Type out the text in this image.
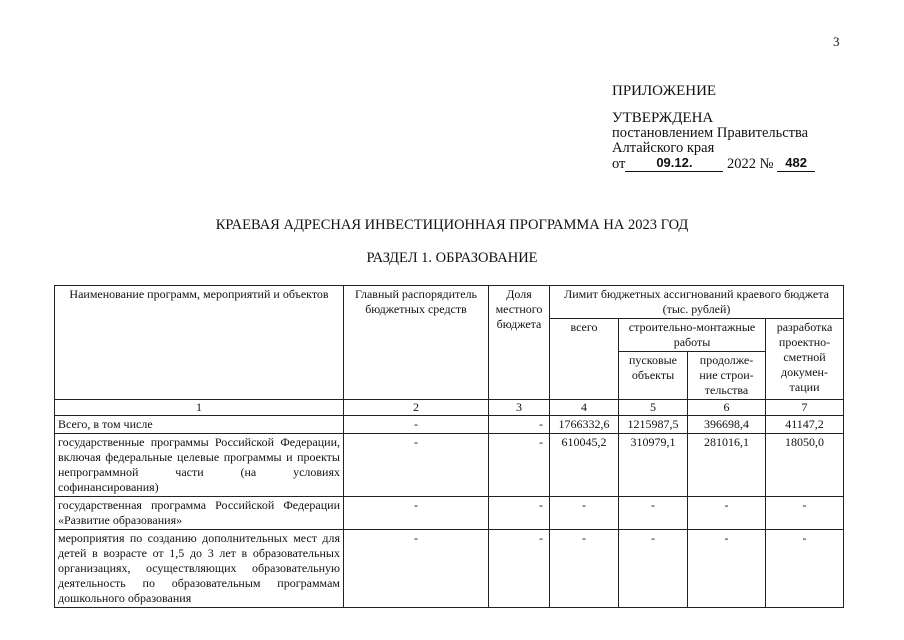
3
ПРИЛОЖЕНИЕ
УТВЕРЖДЕНА
постановлением Правительства
Алтайского края
от 09.12. 2022 № 482
КРАЕВАЯ АДРЕСНАЯ ИНВЕСТИЦИОННАЯ ПРОГРАММА НА 2023 ГОД
РАЗДЕЛ 1. ОБРАЗОВАНИЕ
Наименование программ, мероприятий и объектов	Главный распорядитель бюджетных средств	Доля местного бюджета	Лимит бюджетных ассигнований краевого бюджета (тыс. рублей)			
			всего	строительно-монтажные работы		разработка проектно-сметной докумен-тации
				пусковые объекты	продолже-ние строи-тельства	
1	2	3	4	5	6	7
Всего, в том числе	-	-	1766332,6	1215987,5	396698,4	41147,2
государственные программы Российской Федерации, включая федеральные целевые программы и проекты непрограммной части (на условиях софинансирования)	-	-	610045,2	310979,1	281016,1	18050,0
государственная программа Российской Федерации «Развитие образования»	-	-	-	-	-	-
мероприятия по созданию дополнительных мест для детей в возрасте от 1,5 до 3 лет в образовательных организациях, осуществляющих образовательную деятельность по образовательным программам дошкольного образования	-	-	-	-	-	-
